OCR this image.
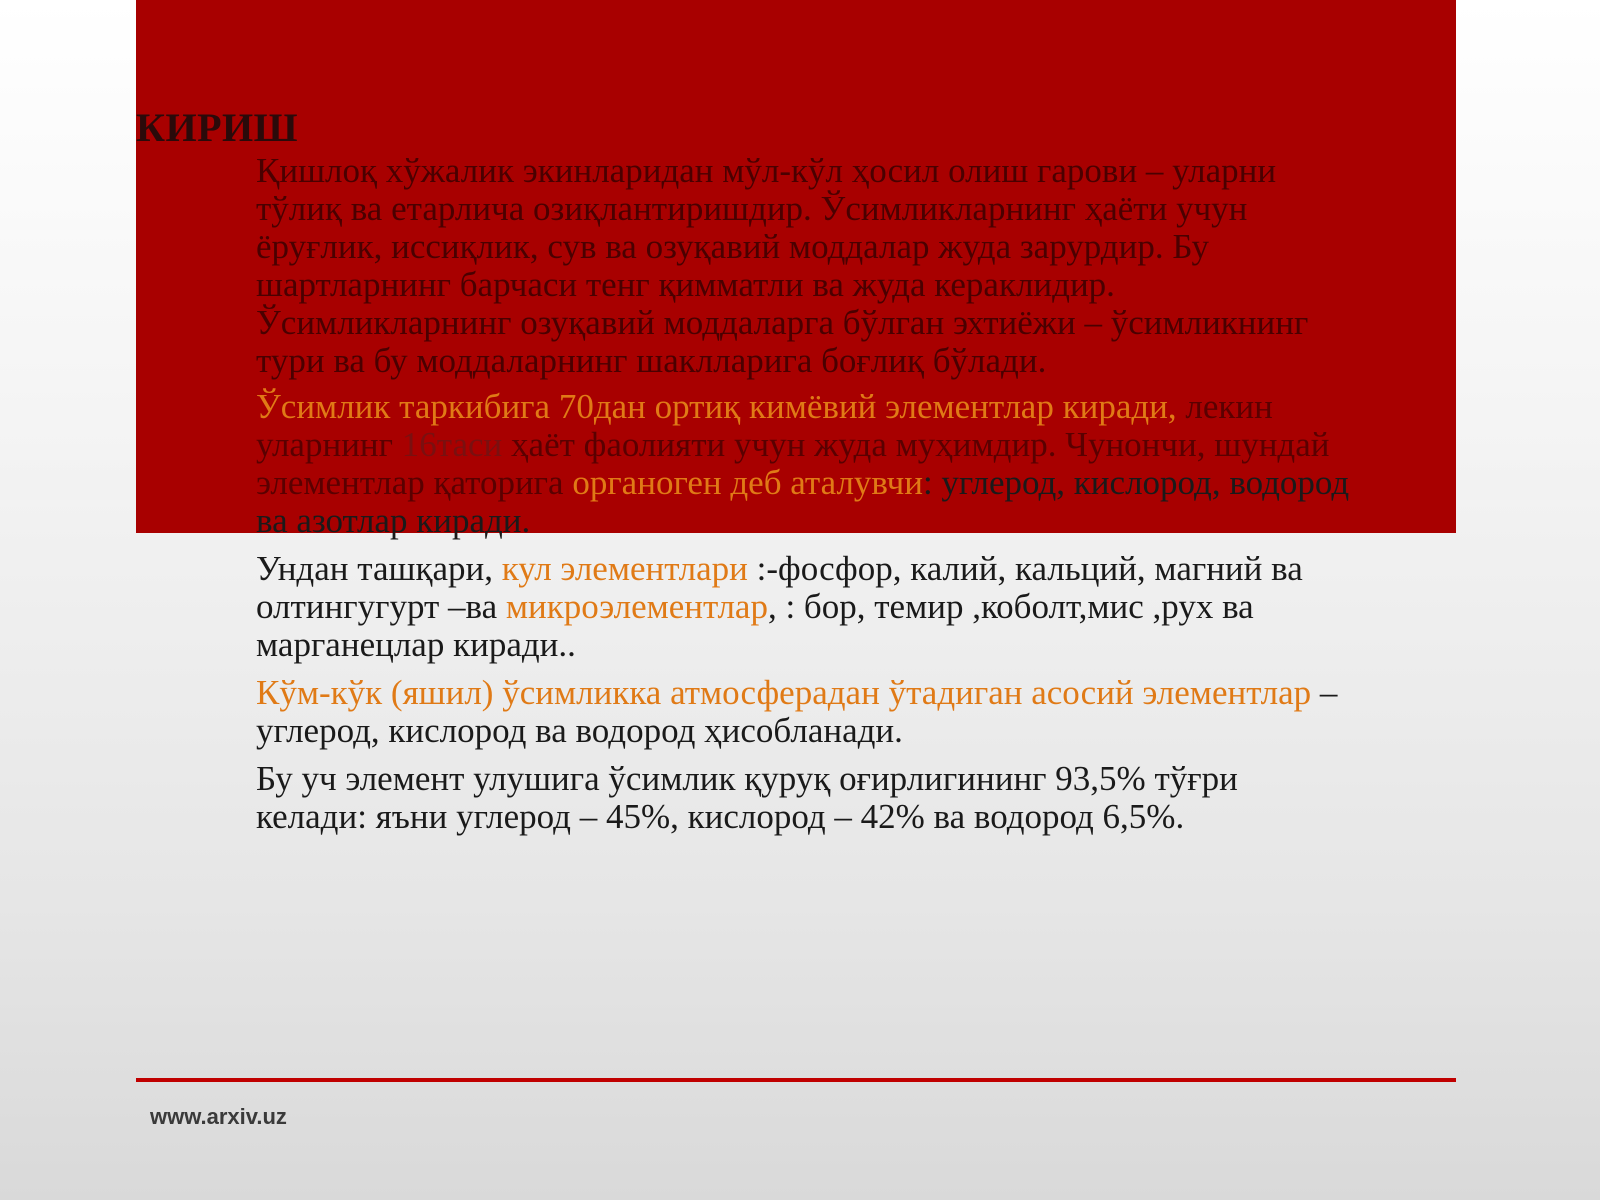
КИРИШ

Қишлоқ хўжалик экинларидан мўл-кўл ҳосил олиш гарови – уларни тўлиқ ва етарлича озиқлантиришдир. Ўсимликларнинг ҳаёти учун ёруғлик, иссиқлик, сув ва озуқавий моддалар жуда зарурдир. Бу шартларнинг барчаси тенг қимматли ва жуда кераклидир. Ўсимликларнинг озуқавий моддаларга бўлган эхтиёжи – ўсимликнинг тури ва бу моддаларнинг шаклларига боғлиқ бўлади.

Ўсимлик таркибига 70дан ортиқ кимёвий элементлар киради, лекин уларнинг 16таси ҳаёт фаолияти учун жуда муҳимдир. Чунончи, шундай элементлар қаторига органоген деб аталувчи: углерод, кислород, водород ва азотлар киради.

Ундан ташқари, кул элементлари :-фосфор, калий, кальций, магний ва олтингугурт –ва микроэлементлар, : бор, темир ,коболт,мис ,рух ва марганецлар киради..

Кўм-кўк (яшил) ўсимликка атмосферадан ўтадиган асосий элементлар – углерод, кислород ва водород ҳисобланади.

Бу уч элемент улушига ўсимлик қуруқ оғирлигининг 93,5% тўғри келади: яъни углерод – 45%, кислород – 42% ва водород 6,5%.

www.arxiv.uz
